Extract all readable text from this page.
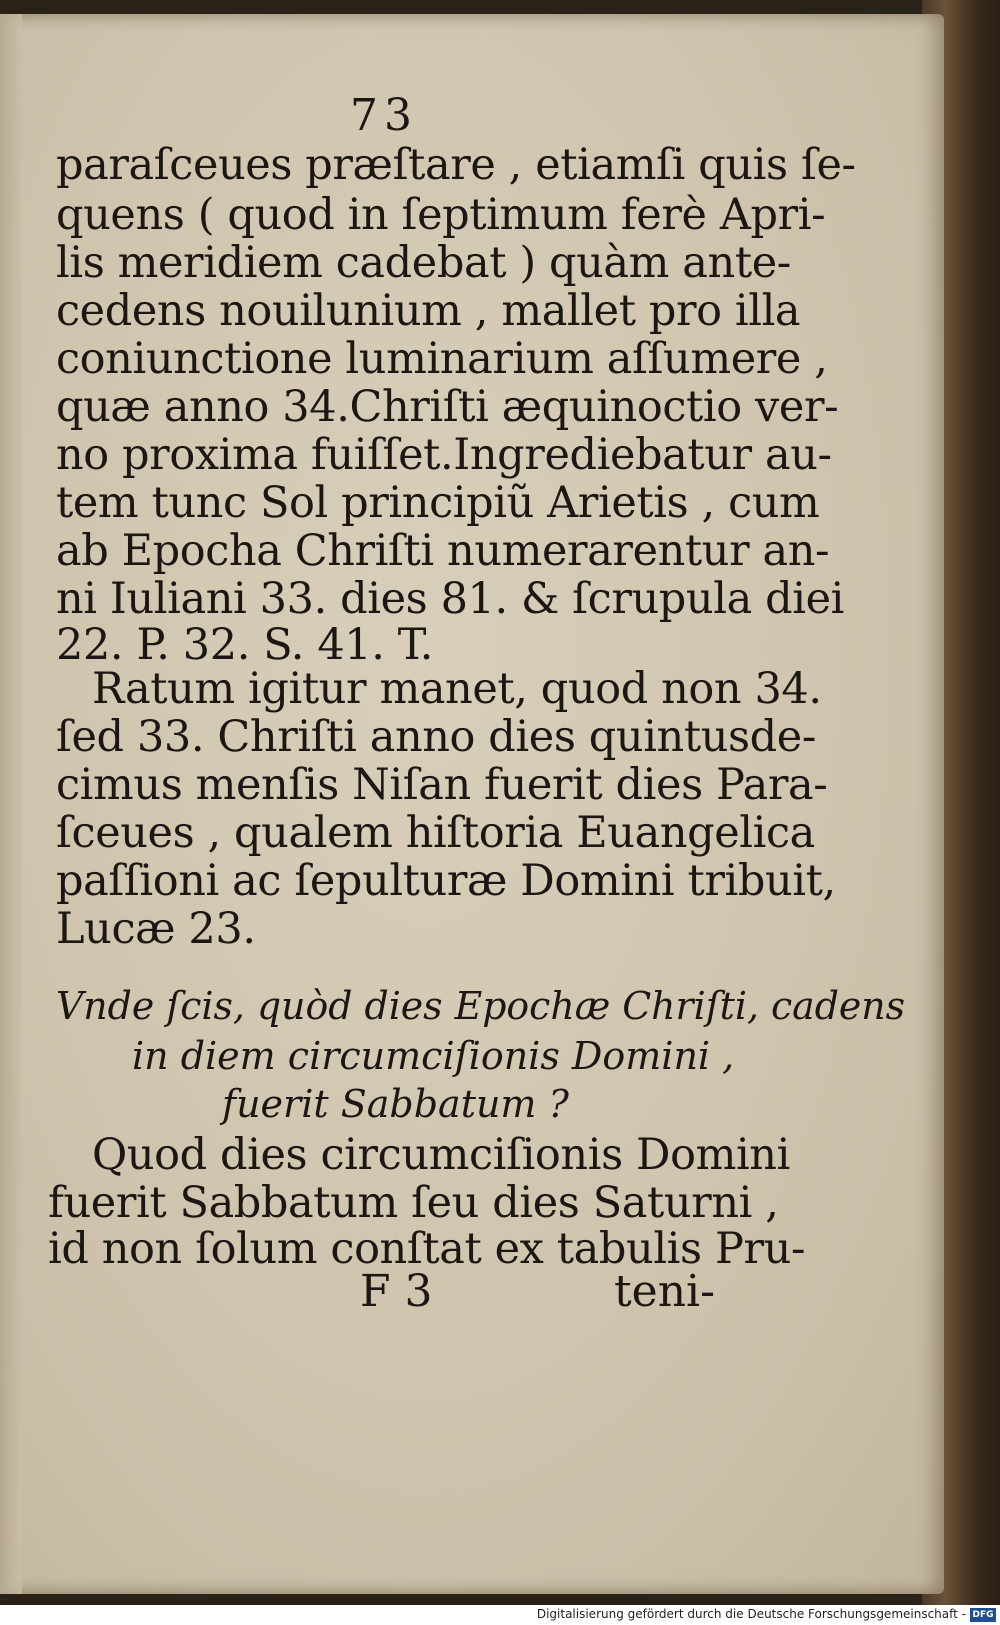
73
paraſceues præſtare , etiamſi quis ſe-
quens ( quod in ſeptimum ferè Apri-
lis meridiem cadebat ) quàm ante-
cedens nouilunium , mallet pro illa
coniunctione luminarium aſſumere ,
quæ anno 34.Chriſti æquinoctio ver-
no proxima fuiſſet.Ingrediebatur au-
tem tunc Sol principiũ Arietis , cum
ab Epocha Chriſti numerarentur an-
ni Iuliani 33. dies 81. & ſcrupula diei
22. P. 32. S. 41. T.
Ratum igitur manet, quod non 34.
ſed 33. Chriſti anno dies quintusde-
cimus menſis Niſan fuerit dies Para-
ſceues , qualem hiſtoria Euangelica
paſſioni ac ſepulturæ Domini tribuit,
Lucæ 23.
Vnde ſcis, quòd dies Epochæ Chriſti, cadens
in diem circumciſionis Domini ,
fuerit Sabbatum ?
Quod dies circumciſionis Domini
fuerit Sabbatum ſeu dies Saturni ,
id non ſolum conſtat ex tabulis Pru-
F 3	teni-
Digitalisierung gefördert durch die Deutsche Forschungsgemeinschaft - DFG
